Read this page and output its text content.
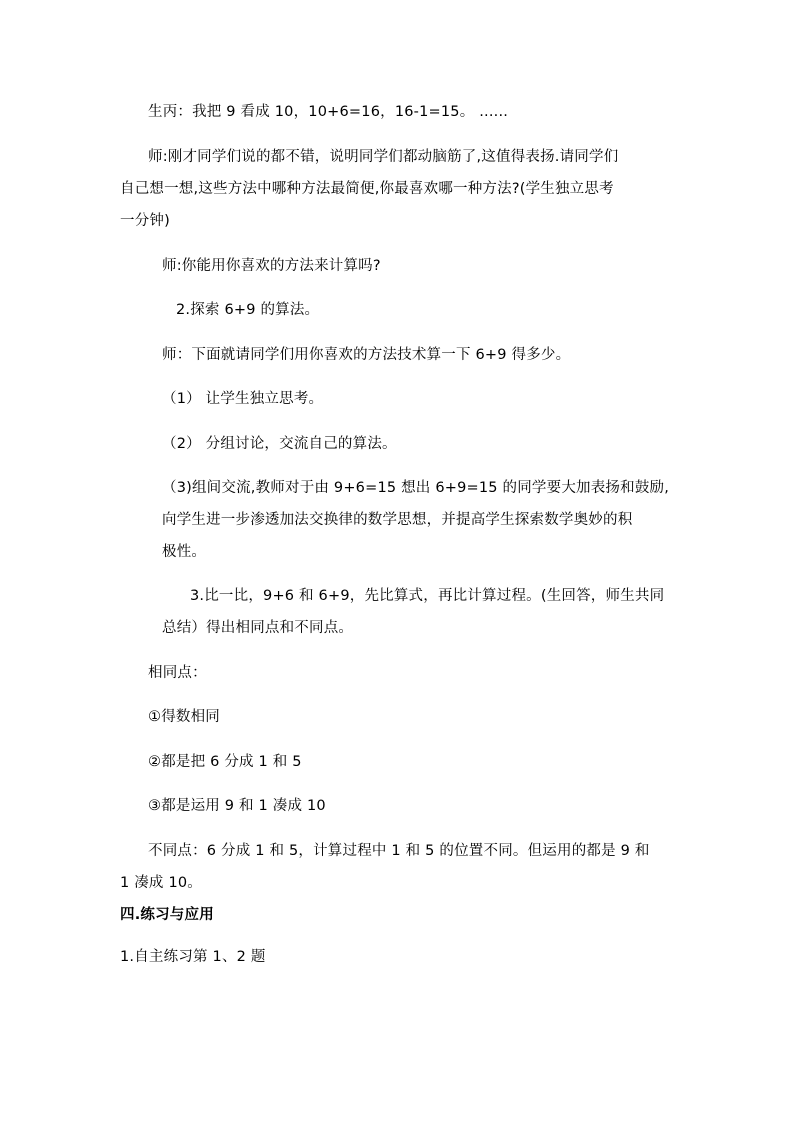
生丙：我把 9 看成 10，10+6=16，16-1=15。 ......
师:刚才同学们说的都不错，说明同学们都动脑筋了,这值得表扬.请同学们
自己想一想,这些方法中哪种方法最简便,你最喜欢哪一种方法?(学生独立思考
一分钟)
师:你能用你喜欢的方法来计算吗?
2.探索 6+9 的算法。
师：下面就请同学们用你喜欢的方法技术算一下 6+9 得多少。
（1） 让学生独立思考。
（2） 分组讨论，交流自己的算法。
（3)组间交流,教师对于由 9+6=15 想出 6+9=15 的同学要大加表扬和鼓励,
向学生进一步渗透加法交换律的数学思想，并提高学生探索数学奥妙的积
极性。
3.比一比，9+6 和 6+9，先比算式，再比计算过程。(生回答，师生共同
总结）得出相同点和不同点。
相同点：
①得数相同
②都是把 6 分成 1 和 5
③都是运用 9 和 1 凑成 10
不同点：6 分成 1 和 5，计算过程中 1 和 5 的位置不同。但运用的都是 9 和
1 凑成 10。
四.练习与应用
1.自主练习第 1、2 题
